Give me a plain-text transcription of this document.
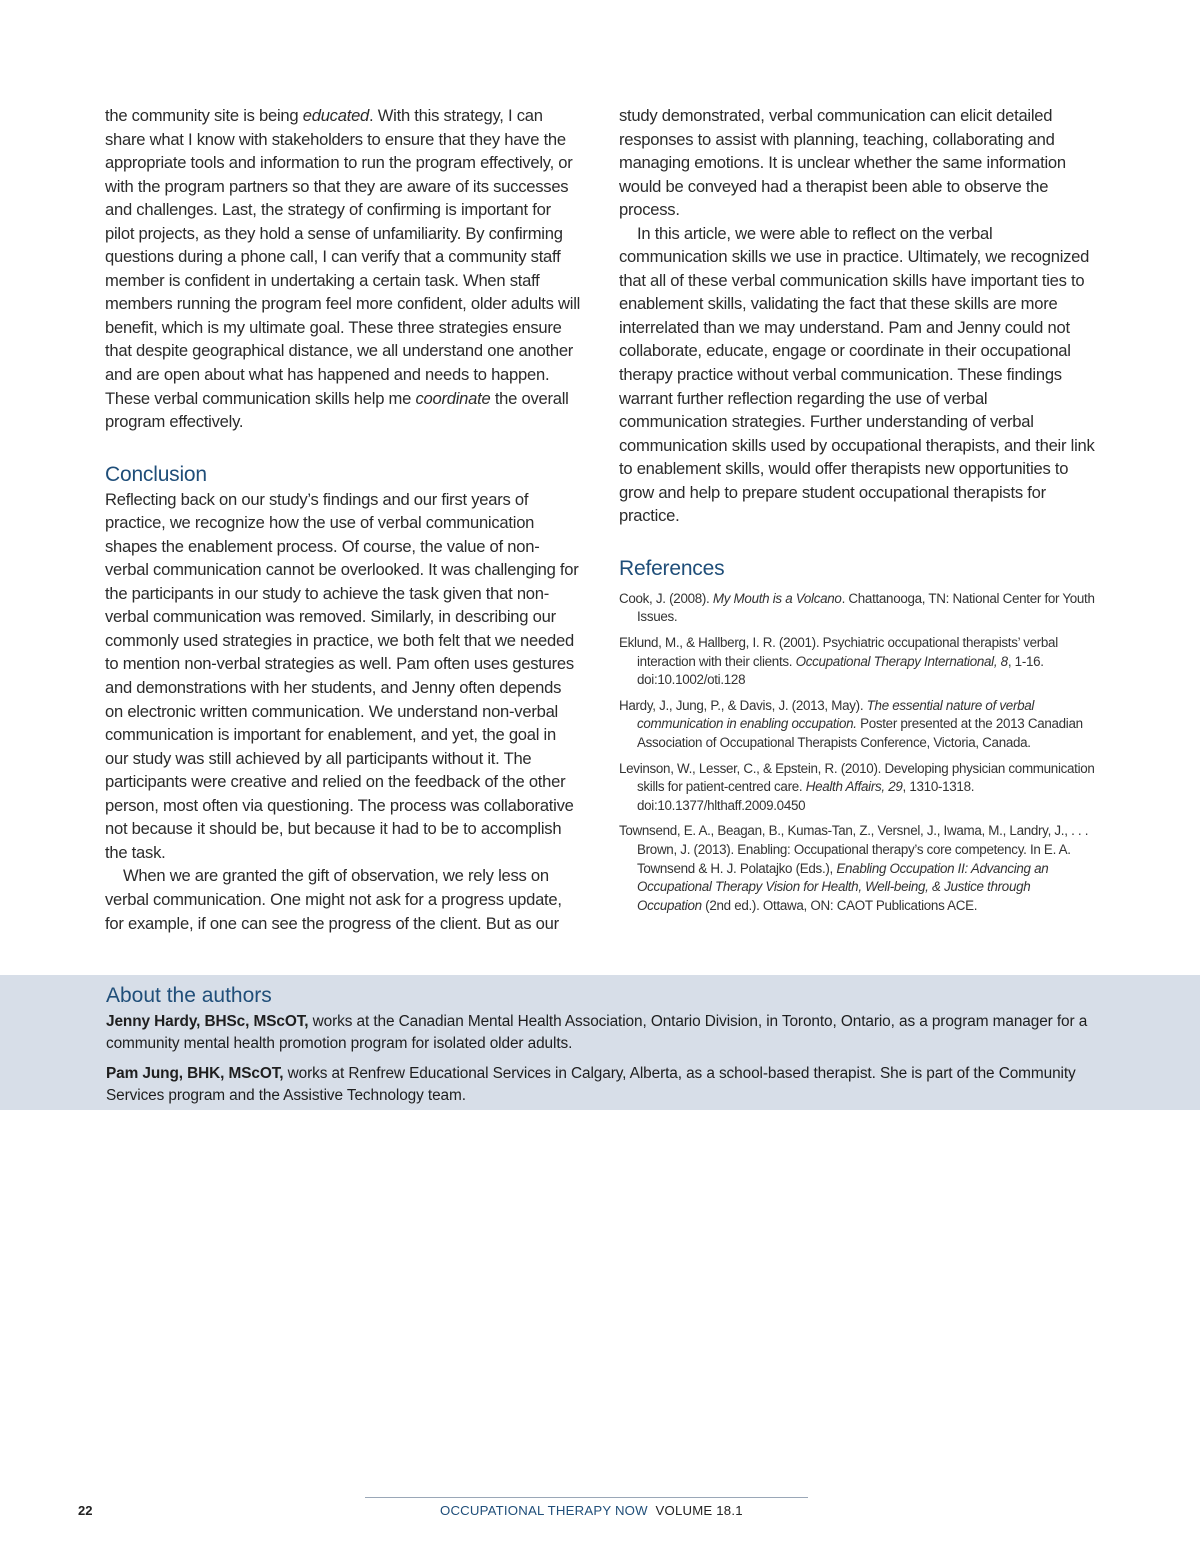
the community site is being educated. With this strategy, I can share what I know with stakeholders to ensure that they have the appropriate tools and information to run the program effectively, or with the program partners so that they are aware of its successes and challenges. Last, the strategy of confirming is important for pilot projects, as they hold a sense of unfamiliarity. By confirming questions during a phone call, I can verify that a community staff member is confident in undertaking a certain task. When staff members running the program feel more confident, older adults will benefit, which is my ultimate goal. These three strategies ensure that despite geographical distance, we all understand one another and are open about what has happened and needs to happen. These verbal communication skills help me coordinate the overall program effectively.

Conclusion

Reflecting back on our study’s findings and our first years of practice, we recognize how the use of verbal communication shapes the enablement process. Of course, the value of non-verbal communication cannot be overlooked. It was challenging for the participants in our study to achieve the task given that non-verbal communication was removed. Similarly, in describing our commonly used strategies in practice, we both felt that we needed to mention non-verbal strategies as well. Pam often uses gestures and demonstrations with her students, and Jenny often depends on electronic written communication. We understand non-verbal communication is important for enablement, and yet, the goal in our study was still achieved by all participants without it. The participants were creative and relied on the feedback of the other person, most often via questioning. The process was collaborative not because it should be, but because it had to be to accomplish the task.

When we are granted the gift of observation, we rely less on verbal communication. One might not ask for a progress update, for example, if one can see the progress of the client. But as our

study demonstrated, verbal communication can elicit detailed responses to assist with planning, teaching, collaborating and managing emotions. It is unclear whether the same information would be conveyed had a therapist been able to observe the process.

In this article, we were able to reflect on the verbal communication skills we use in practice. Ultimately, we recognized that all of these verbal communication skills have important ties to enablement skills, validating the fact that these skills are more interrelated than we may understand. Pam and Jenny could not collaborate, educate, engage or coordinate in their occupational therapy practice without verbal communication. These findings warrant further reflection regarding the use of verbal communication strategies. Further understanding of verbal communication skills used by occupational therapists, and their link to enablement skills, would offer therapists new opportunities to grow and help to prepare student occupational therapists for practice.

References

Cook, J. (2008). My Mouth is a Volcano. Chattanooga, TN: National Center for Youth Issues.

Eklund, M., & Hallberg, I. R. (2001). Psychiatric occupational therapists’ verbal interaction with their clients. Occupational Therapy International, 8, 1-16. doi:10.1002/oti.128

Hardy, J., Jung, P., & Davis, J. (2013, May). The essential nature of verbal communication in enabling occupation. Poster presented at the 2013 Canadian Association of Occupational Therapists Conference, Victoria, Canada.

Levinson, W., Lesser, C., & Epstein, R. (2010). Developing physician communication skills for patient-centred care. Health Affairs, 29, 1310-1318. doi:10.1377/hlthaff.2009.0450

Townsend, E. A., Beagan, B., Kumas-Tan, Z., Versnel, J., Iwama, M., Landry, J., . . . Brown, J. (2013). Enabling: Occupational therapy’s core competency. In E. A. Townsend & H. J. Polatajko (Eds.), Enabling Occupation II: Advancing an Occupational Therapy Vision for Health, Well-being, & Justice through Occupation (2nd ed.). Ottawa, ON: CAOT Publications ACE.

About the authors

Jenny Hardy, BHSc, MScOT, works at the Canadian Mental Health Association, Ontario Division, in Toronto, Ontario, as a program manager for a community mental health promotion program for isolated older adults.

Pam Jung, BHK, MScOT, works at Renfrew Educational Services in Calgary, Alberta, as a school-based therapist. She is part of the Community Services program and the Assistive Technology team.

22	OCCUPATIONAL THERAPY NOW VOLUME 18.1
